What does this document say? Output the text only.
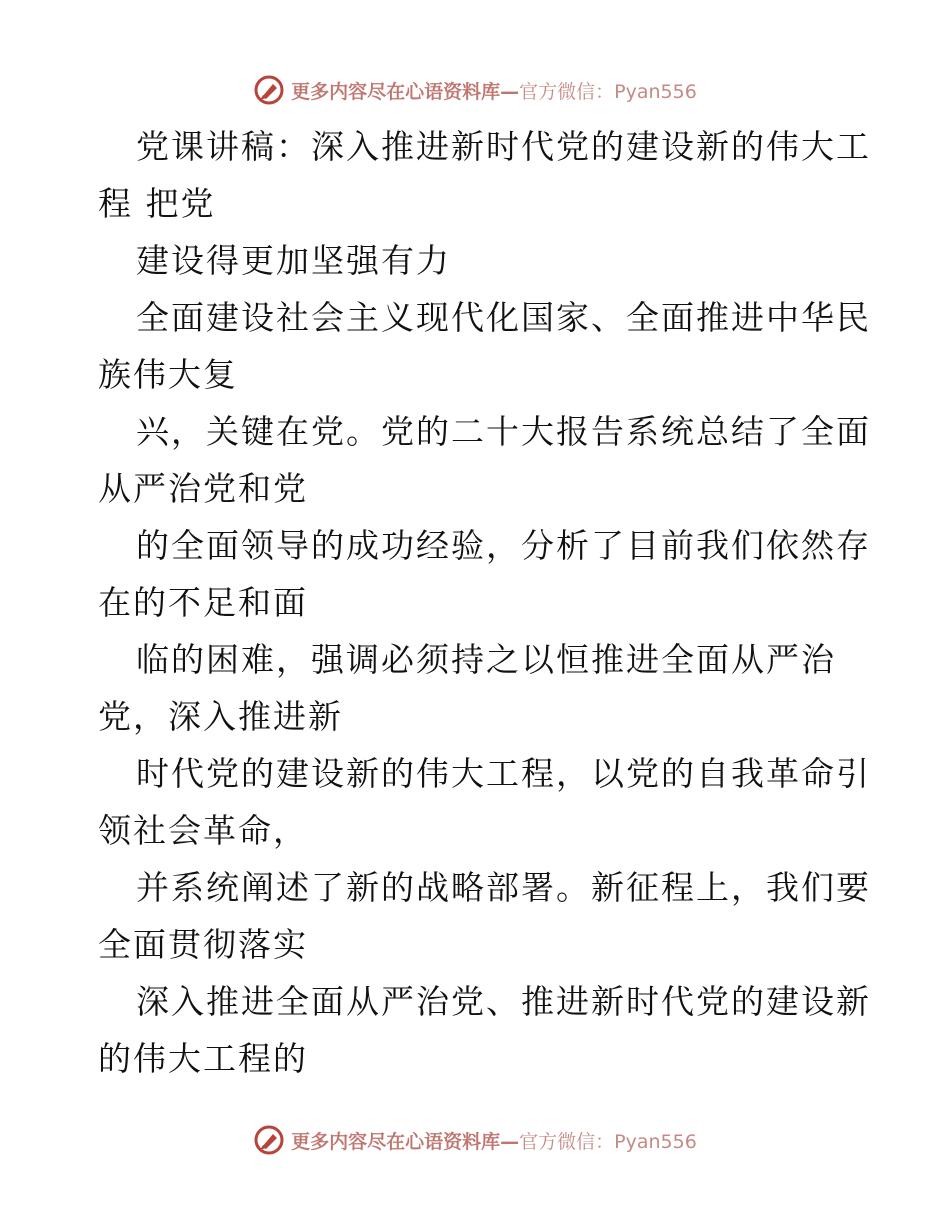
更多内容尽在心语资料库—官方微信：Pyan556
党课讲稿：深入推进新时代党的建设新的伟大工
程 把党
建设得更加坚强有力
全面建设社会主义现代化国家、全面推进中华民
族伟大复
兴，关键在党。党的二十大报告系统总结了全面
从严治党和党
的全面领导的成功经验，分析了目前我们依然存
在的不足和面
临的困难，强调必须持之以恒推进全面从严治
党，深入推进新
时代党的建设新的伟大工程，以党的自我革命引
领社会革命，
并系统阐述了新的战略部署。新征程上，我们要
全面贯彻落实
深入推进全面从严治党、推进新时代党的建设新
的伟大工程的
更多内容尽在心语资料库—官方微信：Pyan556
